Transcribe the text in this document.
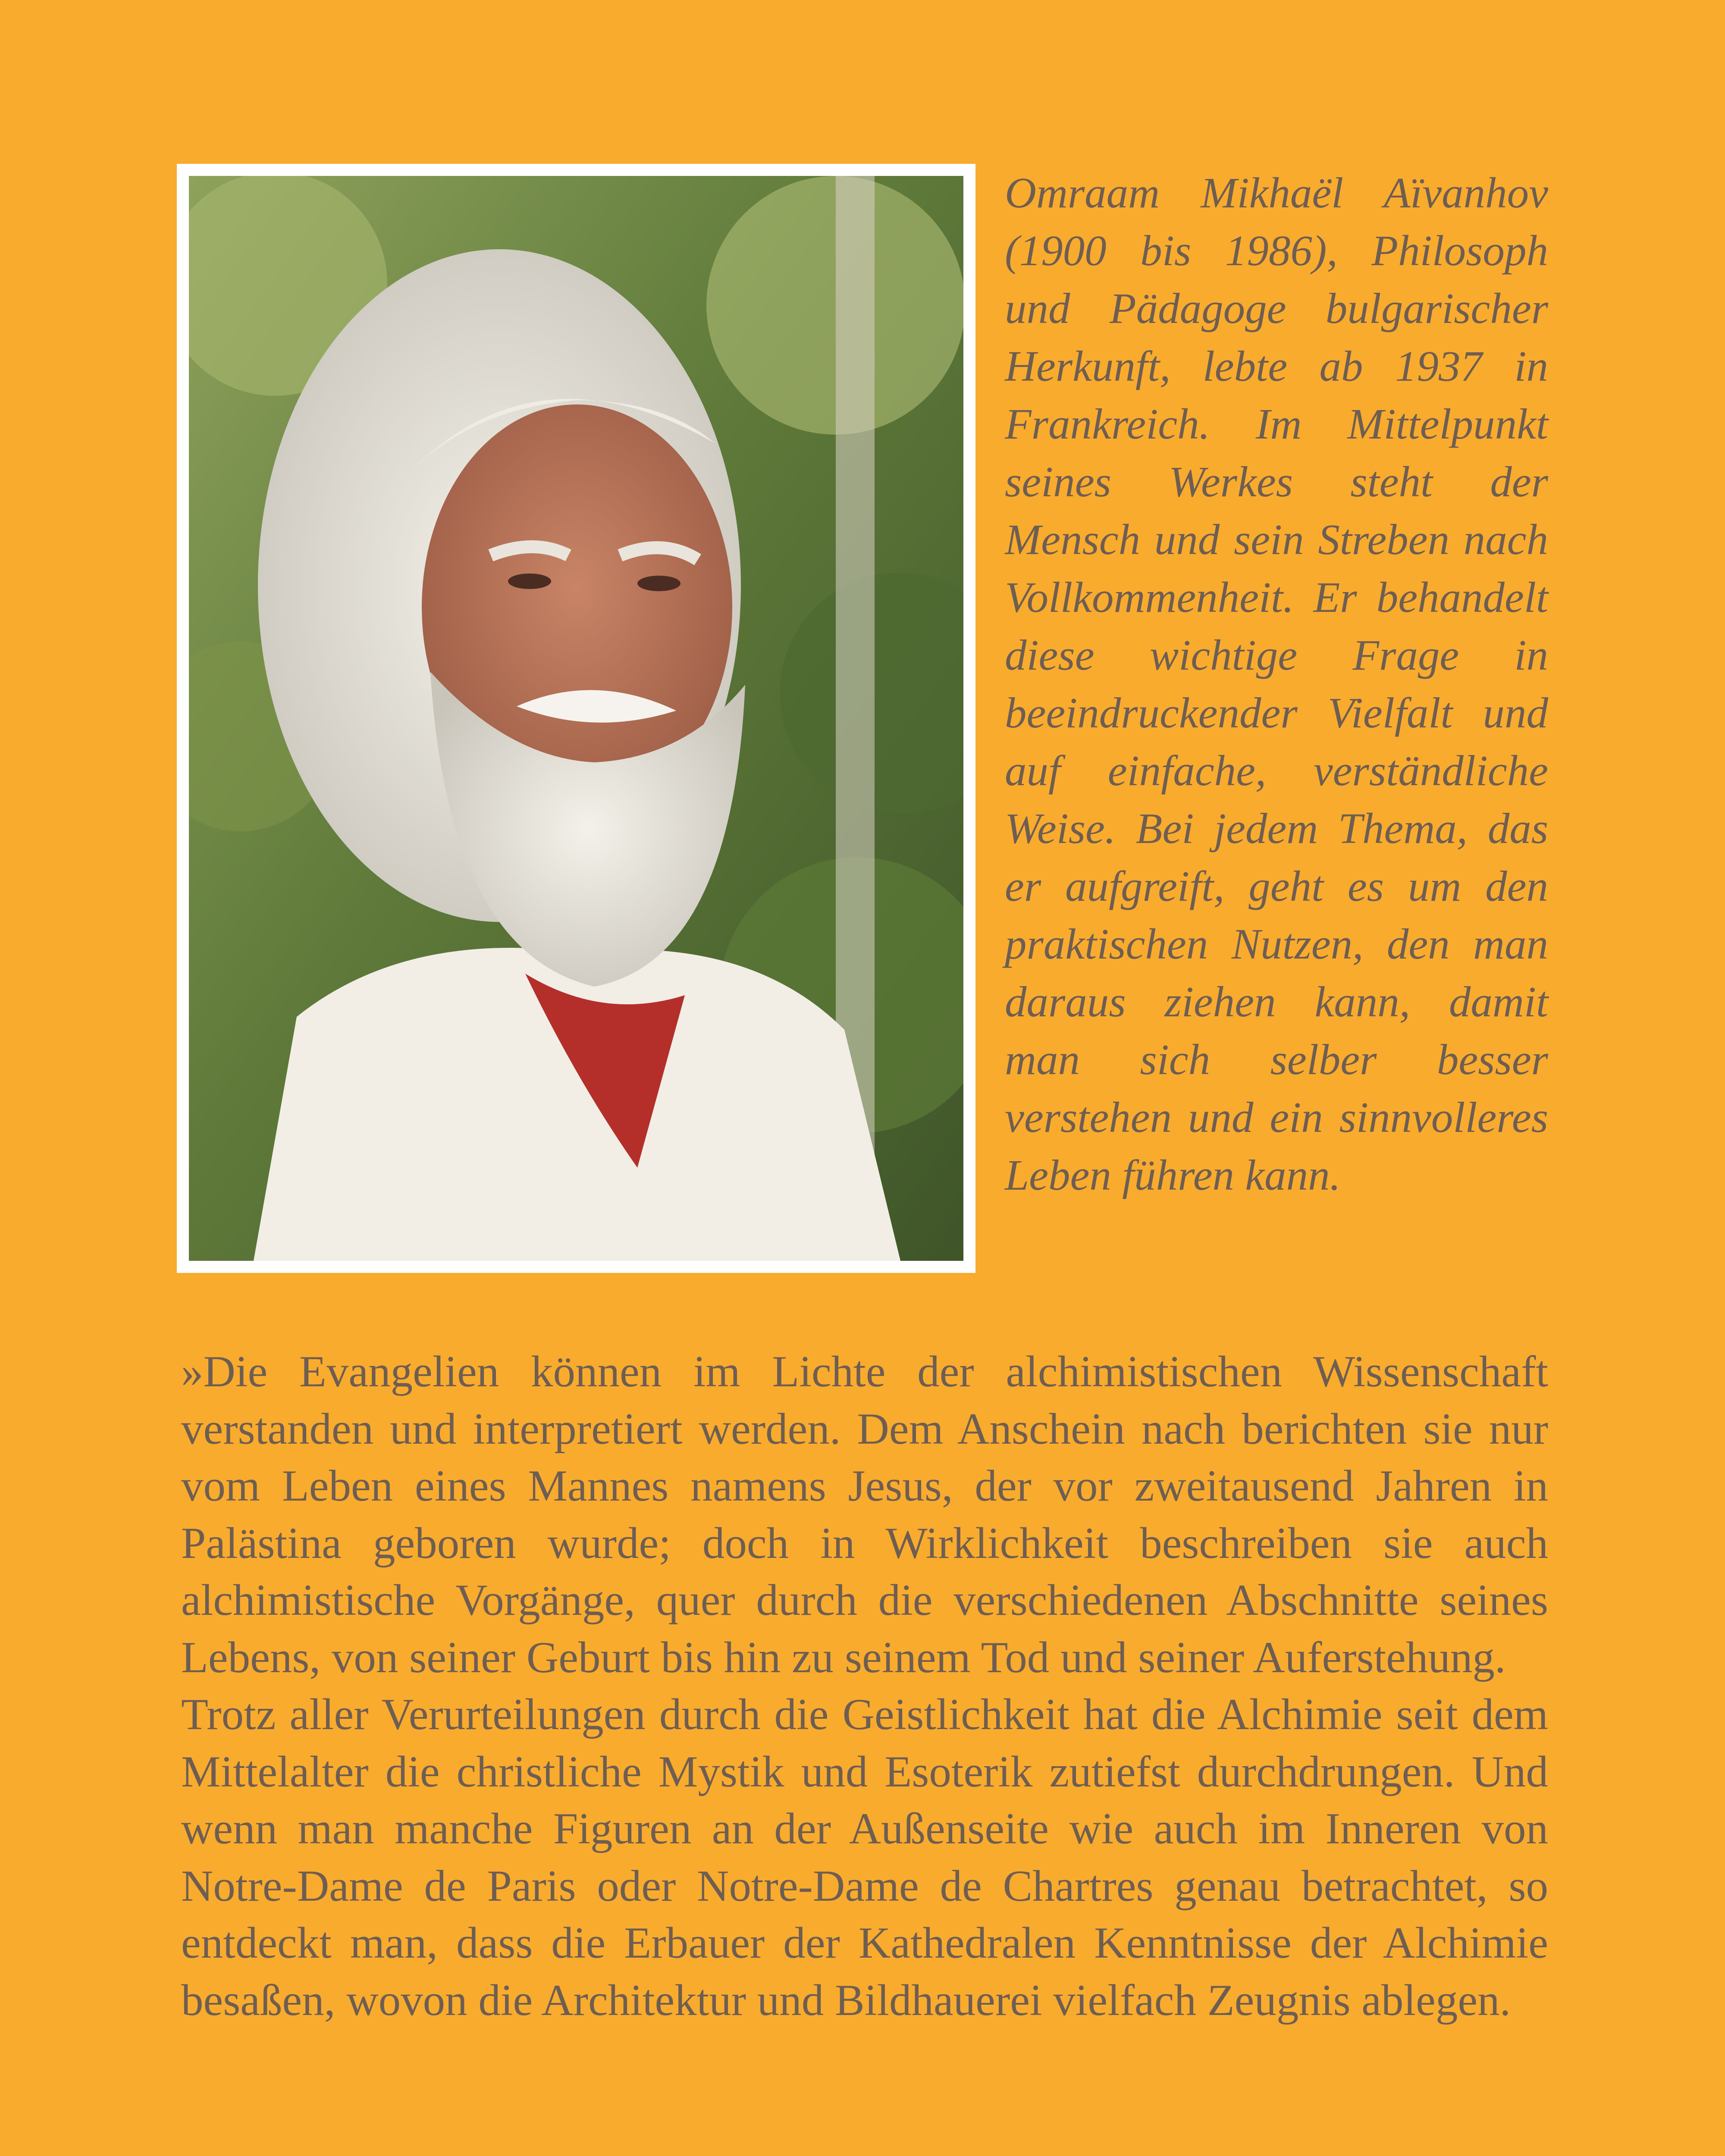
Omraam Mikhaël Aïvanhov (1900 bis 1986), Philosoph und Pädagoge bulgarischer Herkunft, lebte ab 1937 in Frankreich. Im Mittelpunkt seines Werkes steht der Mensch und sein Streben nach Vollkommenheit. Er behandelt diese wichtige Frage in beeindruckender Vielfalt und auf einfache, verständliche Weise. Bei jedem Thema, das er aufgreift, geht es um den praktischen Nutzen, den man daraus ziehen kann, damit man sich selber besser verstehen und ein sinnvolleres Leben führen kann.

»Die Evangelien können im Lichte der alchimistischen Wissenschaft verstanden und interpretiert werden. Dem Anschein nach berichten sie nur vom Leben eines Mannes namens Jesus, der vor zweitausend Jahren in Palästina geboren wurde; doch in Wirklichkeit beschreiben sie auch alchimistische Vorgänge, quer durch die verschiedenen Abschnitte seines Lebens, von seiner Geburt bis hin zu seinem Tod und seiner Auferstehung.

Trotz aller Verurteilungen durch die Geistlichkeit hat die Alchimie seit dem Mittelalter die christliche Mystik und Esoterik zutiefst durchdrungen. Und wenn man manche Figuren an der Außenseite wie auch im Inneren von Notre-Dame de Paris oder Notre-Dame de Chartres genau betrachtet, so entdeckt man, dass die Erbauer der Kathedralen Kenntnisse der Alchimie besaßen, wovon die Architektur und Bildhauerei vielfach Zeugnis ablegen.
